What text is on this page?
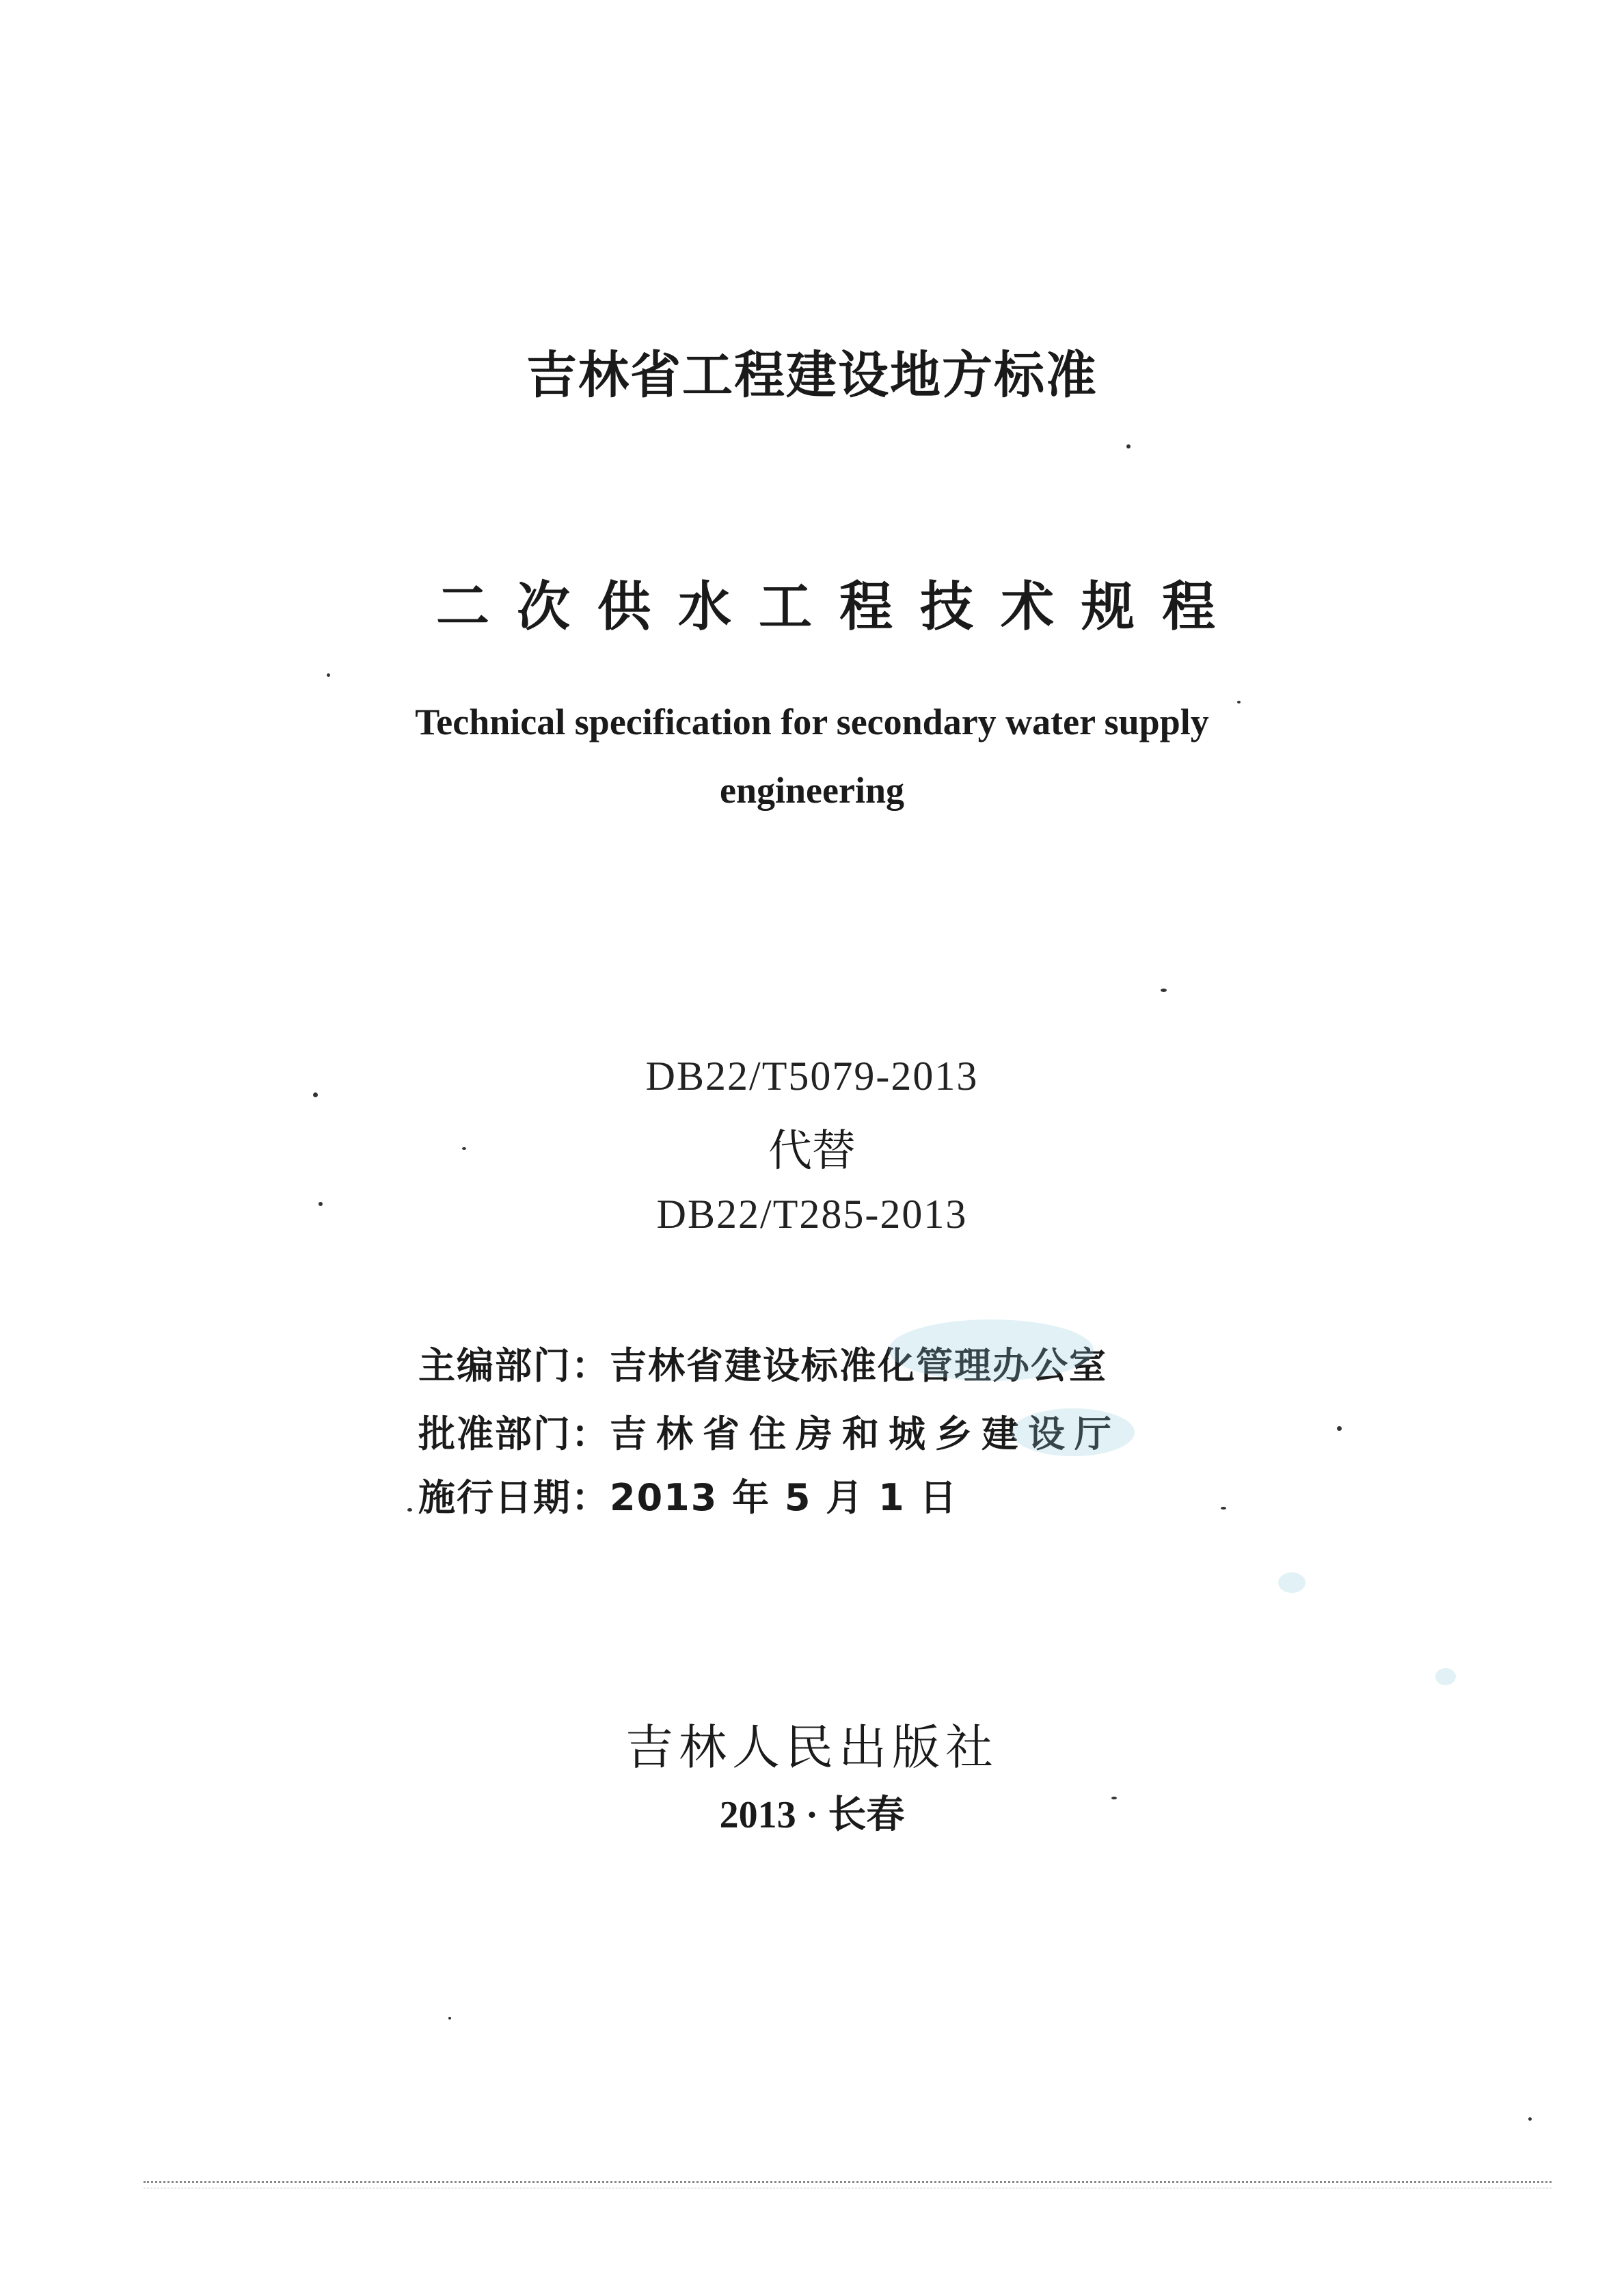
吉林省工程建设地方标准
二次供水工程技术规程
Technical specification for secondary water supply
engineering
DB22/T5079-2013
代替
DB22/T285-2013
主编部门：吉林省建设标准化管理办公室
批准部门：吉林省住房和城乡建设厅
施行日期：2013 年 5 月 1 日
吉林人民出版社
2013 · 长春
